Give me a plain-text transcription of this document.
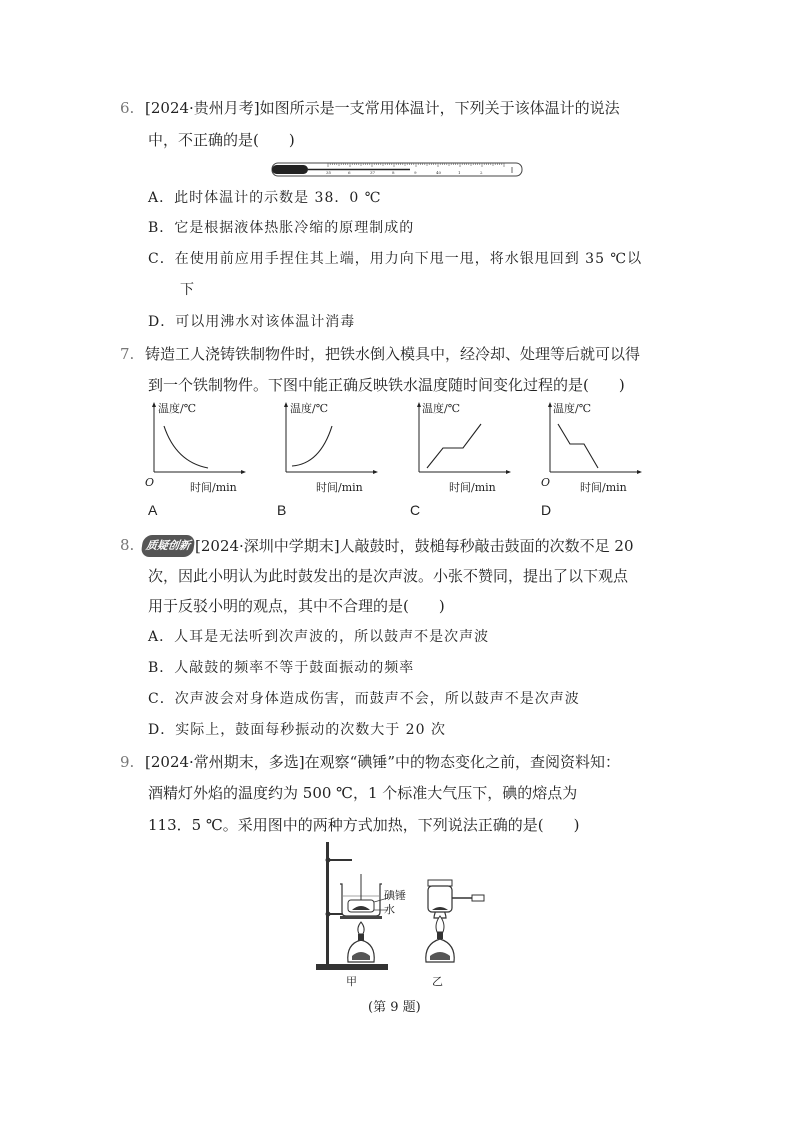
6. [2024·贵州月考]如图所示是一支常用体温计，下列关于该体温计的说法
中，不正确的是(　　)
35	6	37	8	9	40	1	2
A．此时体温计的示数是 38．0 ℃
B．它是根据液体热胀冷缩的原理制成的
C．在使用前应用手捏住其上端，用力向下甩一甩，将水银甩回到 35 ℃以
下
D．可以用沸水对该体温计消毒
7. 铸造工人浇铸铁制物件时，把铁水倒入模具中，经冷却、处理等后就可以得
到一个铁制物件。下图中能正确反映铁水温度随时间变化过程的是(　　)
温度/℃
O	时间/min
A
温度/℃
时间/min
B
温度/℃
时间/min
C
温度/℃
O	时间/min
D
8. 质疑创新 [2024·深圳中学期末]人敲鼓时，鼓槌每秒敲击鼓面的次数不足 20
次，因此小明认为此时鼓发出的是次声波。小张不赞同，提出了以下观点
用于反驳小明的观点，其中不合理的是(　　)
A．人耳是无法听到次声波的，所以鼓声不是次声波
B．人敲鼓的频率不等于鼓面振动的频率
C．次声波会对身体造成伤害，而鼓声不会，所以鼓声不是次声波
D．实际上，鼓面每秒振动的次数大于 20 次
9. [2024·常州期末，多选]在观察“碘锤”中的物态变化之前，查阅资料知：
酒精灯外焰的温度约为 500 ℃，1 个标准大气压下，碘的熔点为
113．5 ℃。采用图中的两种方式加热，下列说法正确的是(　　)
碘锤
水
甲	乙
(第 9 题)
